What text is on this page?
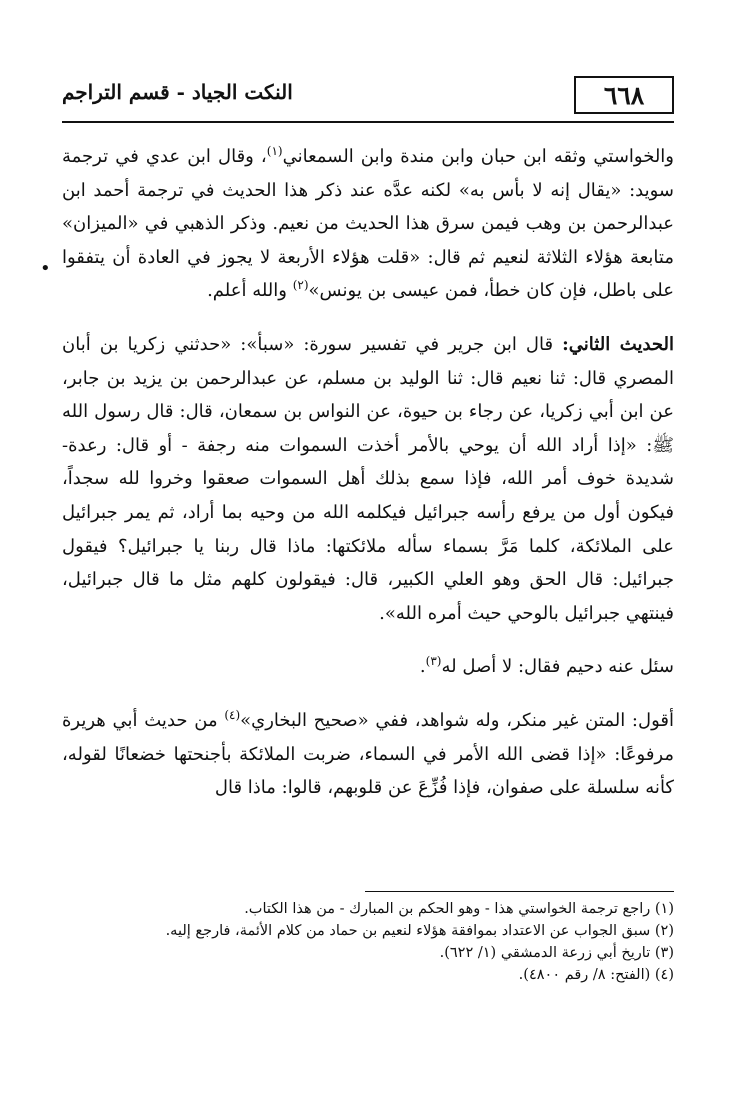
٦٦٨
النكت الجياد - قسم التراجم
•

والخواستي وثقه ابن حبان وابن مندة وابن السمعاني$^{(١)}$، وقال ابن عدي في ترجمة سويد: «يقال إنه لا بأس به» لكنه عدَّه عند ذكر هذا الحديث في ترجمة أحمد ابن عبدالرحمن بن وهب فيمن سرق هذا الحديث من نعيم. وذكر الذهبي في «الميزان» متابعة هؤلاء الثلاثة لنعيم ثم قال: «قلت هؤلاء الأربعة لا يجوز في العادة أن يتفقوا على باطل، فإن كان خطأ، فمن عيسى بن يونس»$^{(٢)}$ والله أعلم.

الحديث الثاني: قال ابن جرير في تفسير سورة: «سبأ»: «حدثني زكريا بن أبان المصري قال: ثنا نعيم قال: ثنا الوليد بن مسلم، عن عبدالرحمن بن يزيد بن جابر، عن ابن أبي زكريا، عن رجاء بن حيوة، عن النواس بن سمعان، قال: قال رسول الله ﷺ: «إذا أراد الله أن يوحي بالأمر أخذت السموات منه رجفة - أو قال: رعدة- شديدة خوف أمر الله، فإذا سمع بذلك أهل السموات صعقوا وخروا لله سجداً، فيكون أول من يرفع رأسه جبرائيل فيكلمه الله من وحيه بما أراد، ثم يمر جبرائيل على الملائكة، كلما مَرَّ بسماء سأله ملائكتها: ماذا قال ربنا يا جبرائيل؟ فيقول جبرائيل: قال الحق وهو العلي الكبير، قال: فيقولون كلهم مثل ما قال جبرائيل، فينتهي جبرائيل بالوحي حيث أمره الله».

سئل عنه دحيم فقال: لا أصل له$^{(٣)}$.

أقول: المتن غير منكر، وله شواهد، ففي «صحيح البخاري»$^{(٤)}$ من حديث أبي هريرة مرفوعًا: «إذا قضى الله الأمر في السماء، ضربت الملائكة بأجنحتها خضعانًا لقوله، كأنه سلسلة على صفوان، فإذا فُزِّعَ عن قلوبهم، قالوا: ماذا قال

(١) راجع ترجمة الخواستي هذا - وهو الحكم بن المبارك - من هذا الكتاب.

(٢) سبق الجواب عن الاعتداد بموافقة هؤلاء لنعيم بن حماد من كلام الأئمة، فارجع إليه.

(٣) تاريخ أبي زرعة الدمشقي (١/ ٦٢٢).

(٤) (الفتح: ٨/ رقم ٤٨٠٠).
